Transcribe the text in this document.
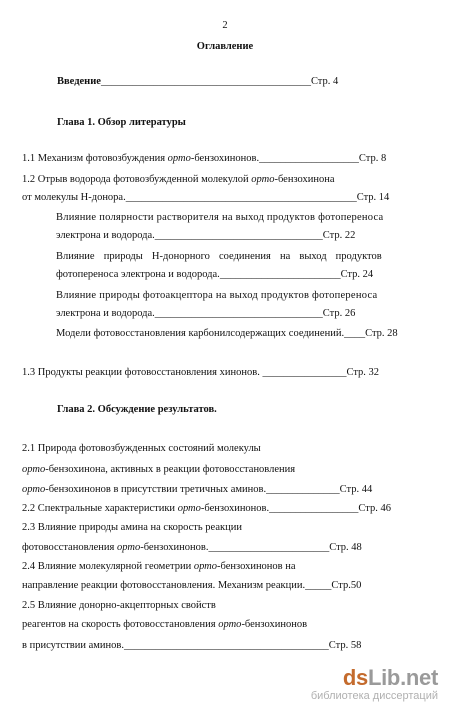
2
Оглавление
Введение________________________________________Стр. 4
Глава 1. Обзор литературы
1.1 Механизм фотовозбуждения орто-бензохинонов.___________________Стр. 8
1.2 Отрыв водорода фотовозбужденной молекулой орто-бензохинона
от молекулы Н-донора.____________________________________________Стр. 14
Влияние полярности растворителя на выход продуктов фотопереноса
электрона и водорода.________________________________Стр. 22
Влияние природы Н-донорного соединения на выход продуктов
фотопереноса электрона и водорода._______________________Стр. 24
Влияние природы фотоакцептора на выход продуктов фотопереноса
электрона и водорода.________________________________Стр. 26
Модели фотовосстановления карбонилсодержащих соединений.____Стр. 28
1.3 Продукты реакции фотовосстановления хинонов. ________________Стр. 32
Глава 2. Обсуждение результатов.
2.1 Природа фотовозбужденных состояний молекулы
орто-бензохинона, активных в реакции фотовосстановления
орто-бензохинонов в присутствии третичных аминов.______________Стр. 44
2.2 Спектральные характеристики орто-бензохинонов._________________Стр. 46
2.3 Влияние природы амина на скорость реакции
фотовосстановления орто-бензохинонов._______________________Стр. 48
2.4 Влияние молекулярной геометрии орто-бензохинонов на
направление реакции фотовосстановления. Механизм реакции._____Стр.50
2.5 Влияние донорно-акцепторных свойств
реагентов на скорость фотовосстановления орто-бензохинонов
в присутствии аминов._______________________________________Стр. 58
dsLib.net
библиотека диссертаций
